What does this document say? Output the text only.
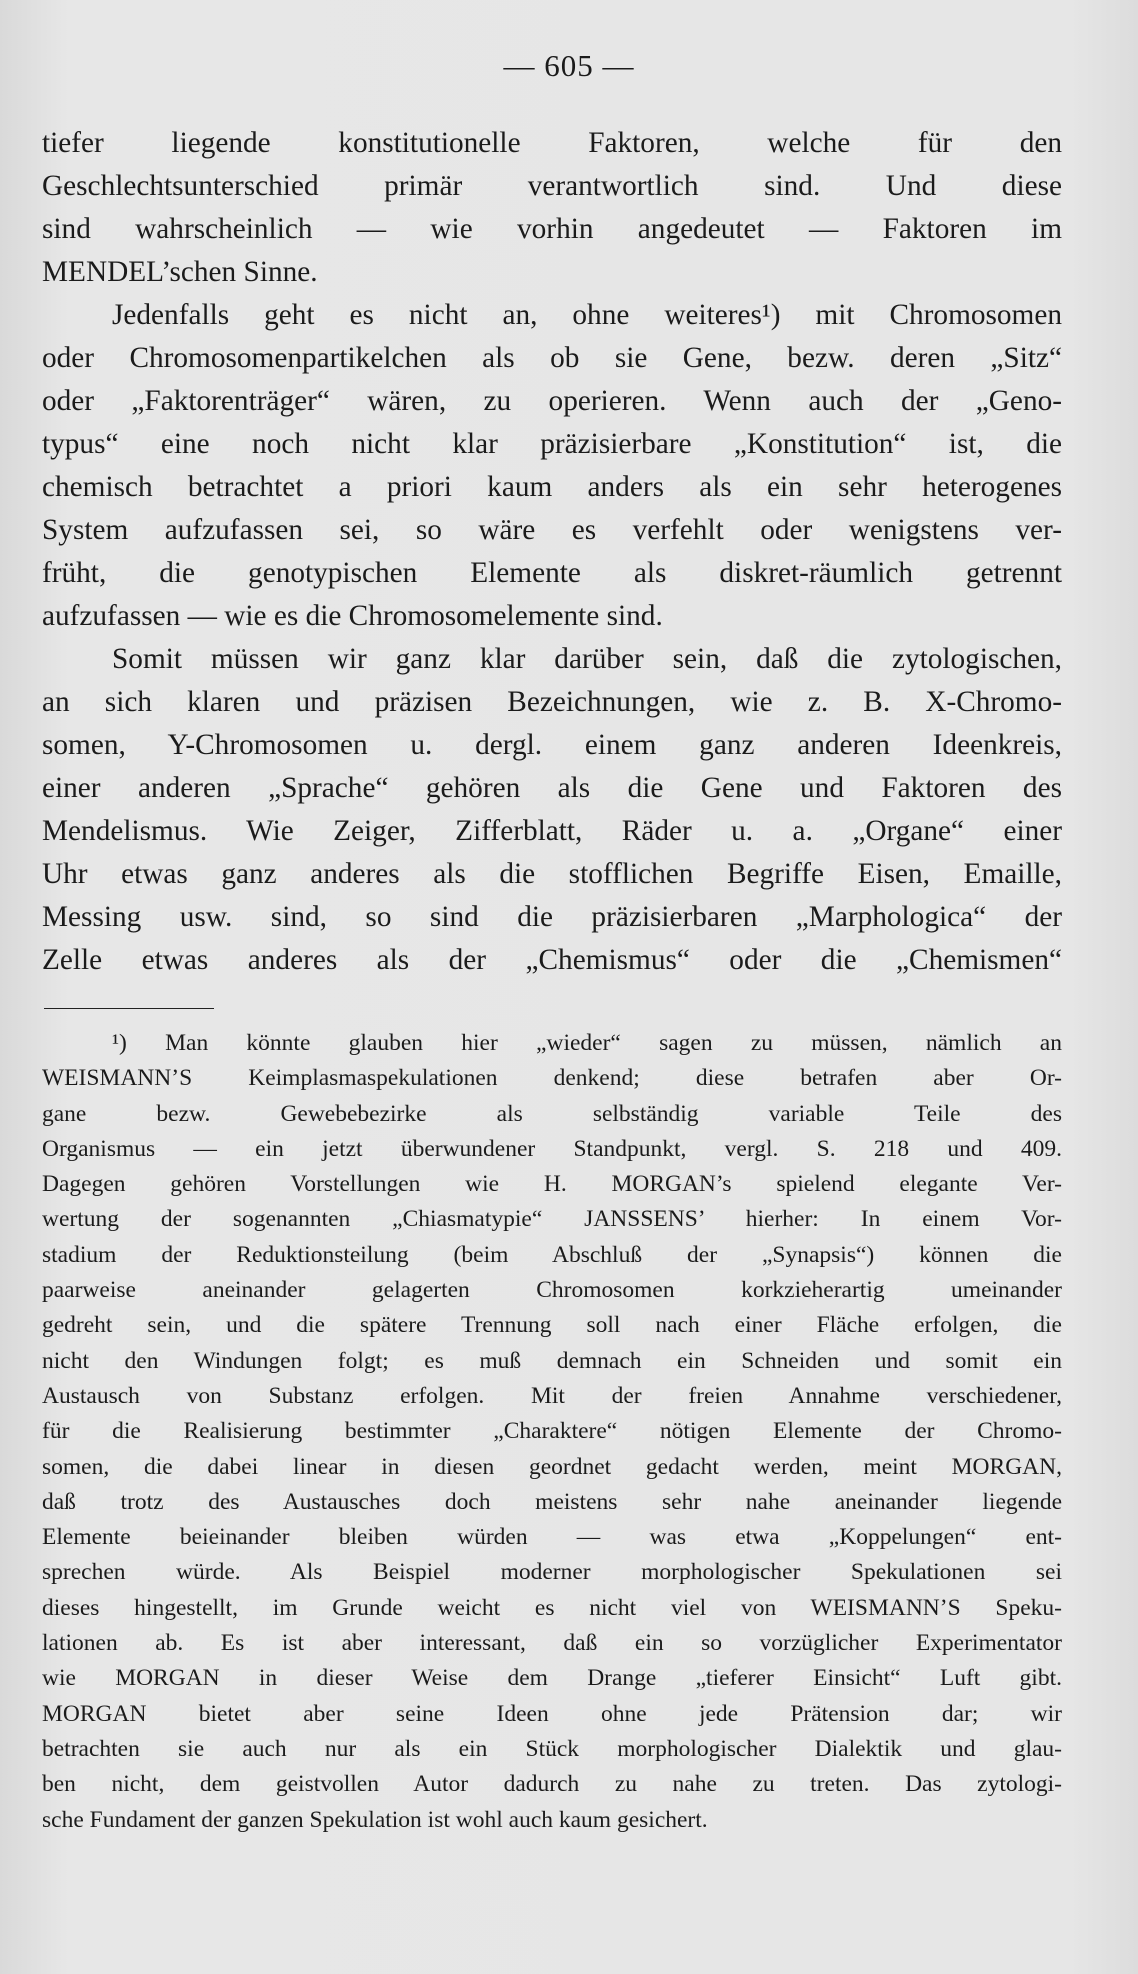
— 605 —
tiefer liegende konstitutionelle Faktoren, welche für den
Geschlechtsunterschied primär verantwortlich sind. Und diese
sind wahrscheinlich — wie vorhin angedeutet — Faktoren im
MENDEL’schen Sinne.
Jedenfalls geht es nicht an, ohne weiteres¹) mit Chromosomen
oder Chromosomenpartikelchen als ob sie Gene, bezw. deren „Sitz“
oder „Faktorenträger“ wären, zu operieren. Wenn auch der „Geno-
typus“ eine noch nicht klar präzisierbare „Konstitution“ ist, die
chemisch betrachtet a priori kaum anders als ein sehr heterogenes
System aufzufassen sei, so wäre es verfehlt oder wenigstens ver-
früht, die genotypischen Elemente als diskret-räumlich getrennt
aufzufassen — wie es die Chromosomelemente sind.
Somit müssen wir ganz klar darüber sein, daß die zytologischen,
an sich klaren und präzisen Bezeichnungen, wie z. B. X-Chromo-
somen, Y-Chromosomen u. dergl. einem ganz anderen Ideenkreis,
einer anderen „Sprache“ gehören als die Gene und Faktoren des
Mendelismus. Wie Zeiger, Zifferblatt, Räder u. a. „Organe“ einer
Uhr etwas ganz anderes als die stofflichen Begriffe Eisen, Emaille,
Messing usw. sind, so sind die präzisierbaren „Marphologica“ der
Zelle etwas anderes als der „Chemismus“ oder die „Chemismen“
¹) Man könnte glauben hier „wieder“ sagen zu müssen, nämlich an
WEISMANN’S Keimplasmaspekulationen denkend; diese betrafen aber Or-
gane bezw. Gewebebezirke als selbständig variable Teile des
Organismus — ein jetzt überwundener Standpunkt, vergl. S. 218 und 409.
Dagegen gehören Vorstellungen wie H. MORGAN’s spielend elegante Ver-
wertung der sogenannten „Chiasmatypie“ JANSSENS’ hierher: In einem Vor-
stadium der Reduktionsteilung (beim Abschluß der „Synapsis“) können die
paarweise aneinander gelagerten Chromosomen korkzieherartig umeinander
gedreht sein, und die spätere Trennung soll nach einer Fläche erfolgen, die
nicht den Windungen folgt; es muß demnach ein Schneiden und somit ein
Austausch von Substanz erfolgen. Mit der freien Annahme verschiedener,
für die Realisierung bestimmter „Charaktere“ nötigen Elemente der Chromo-
somen, die dabei linear in diesen geordnet gedacht werden, meint MORGAN,
daß trotz des Austausches doch meistens sehr nahe aneinander liegende
Elemente beieinander bleiben würden — was etwa „Koppelungen“ ent-
sprechen würde. Als Beispiel moderner morphologischer Spekulationen sei
dieses hingestellt, im Grunde weicht es nicht viel von WEISMANN’S Speku-
lationen ab. Es ist aber interessant, daß ein so vorzüglicher Experimentator
wie MORGAN in dieser Weise dem Drange „tieferer Einsicht“ Luft gibt.
MORGAN bietet aber seine Ideen ohne jede Prätension dar; wir
betrachten sie auch nur als ein Stück morphologischer Dialektik und glau-
ben nicht, dem geistvollen Autor dadurch zu nahe zu treten. Das zytologi-
sche Fundament der ganzen Spekulation ist wohl auch kaum gesichert.
